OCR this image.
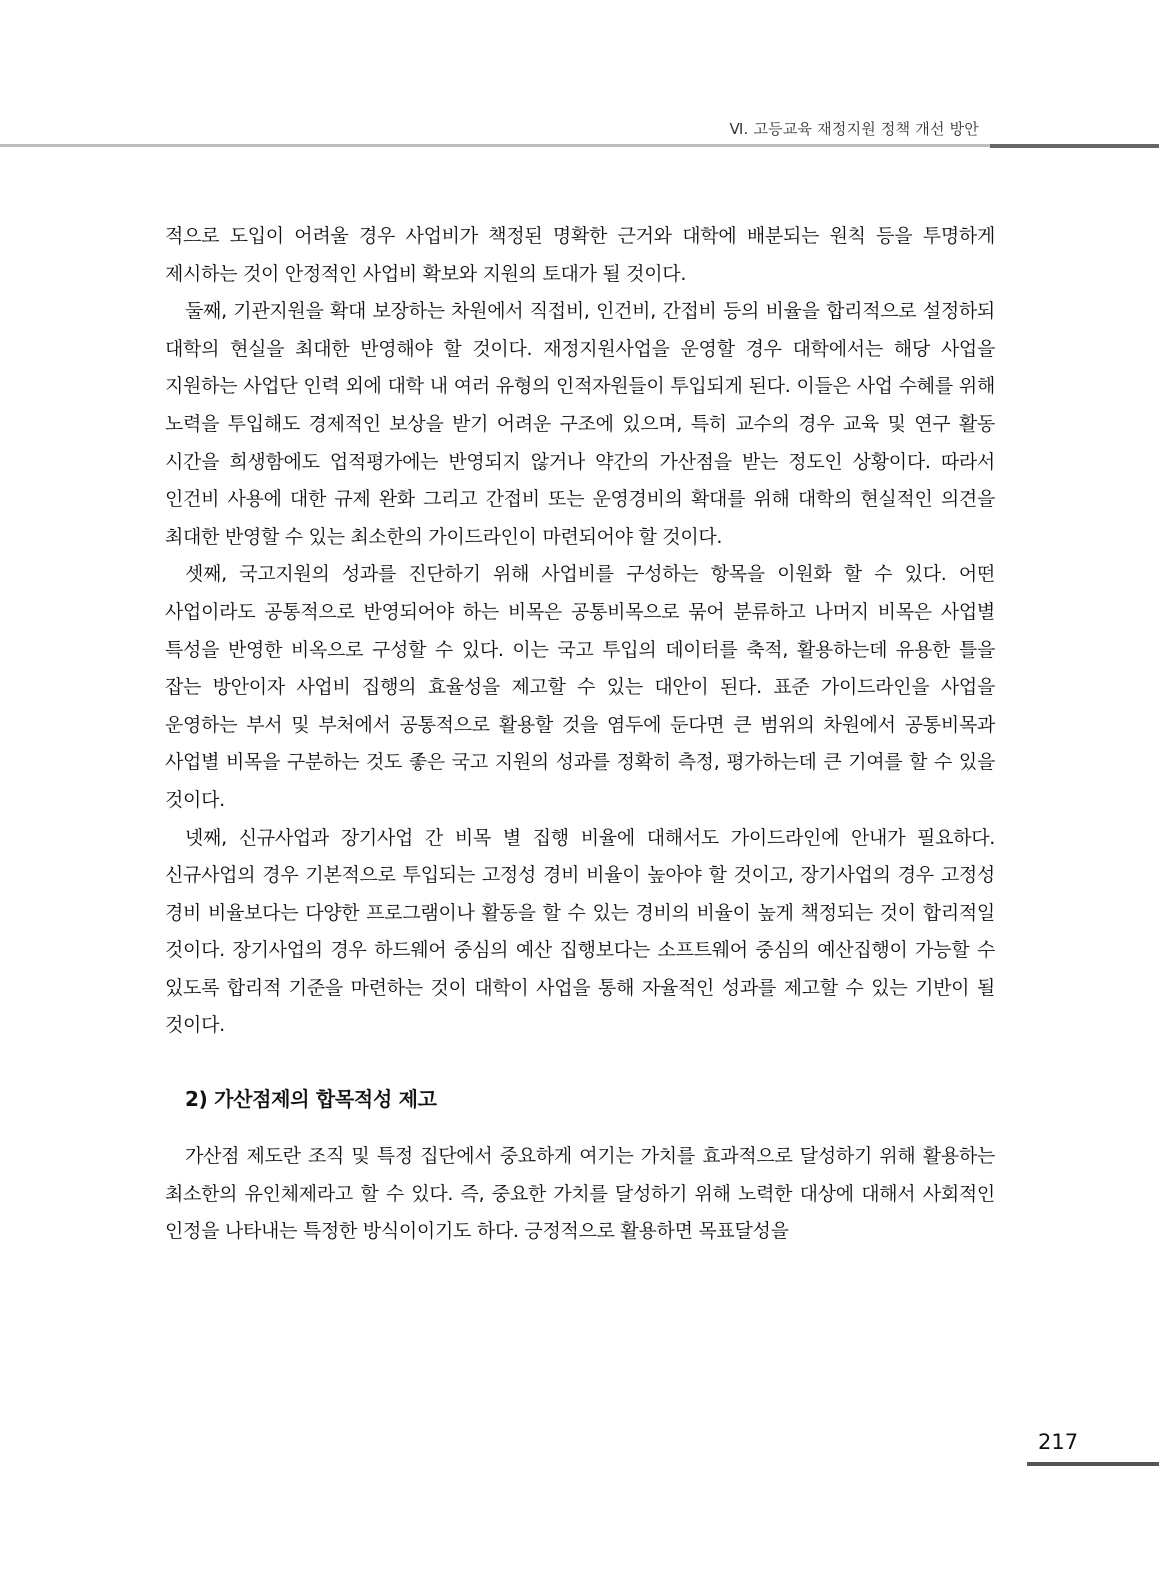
Ⅵ. 고등교육 재정지원 정책 개선 방안

적으로 도입이 어려울 경우 사업비가 책정된 명확한 근거와 대학에 배분되는 원칙 등을 투명하게 제시하는 것이 안정적인 사업비 확보와 지원의 토대가 될 것이다.

둘째, 기관지원을 확대 보장하는 차원에서 직접비, 인건비, 간접비 등의 비율을 합리적으로 설정하되 대학의 현실을 최대한 반영해야 할 것이다. 재정지원사업을 운영할 경우 대학에서는 해당 사업을 지원하는 사업단 인력 외에 대학 내 여러 유형의 인적자원들이 투입되게 된다. 이들은 사업 수혜를 위해 노력을 투입해도 경제적인 보상을 받기 어려운 구조에 있으며, 특히 교수의 경우 교육 및 연구 활동 시간을 희생함에도 업적평가에는 반영되지 않거나 약간의 가산점을 받는 정도인 상황이다. 따라서 인건비 사용에 대한 규제 완화 그리고 간접비 또는 운영경비의 확대를 위해 대학의 현실적인 의견을 최대한 반영할 수 있는 최소한의 가이드라인이 마련되어야 할 것이다.

셋째, 국고지원의 성과를 진단하기 위해 사업비를 구성하는 항목을 이원화 할 수 있다. 어떤 사업이라도 공통적으로 반영되어야 하는 비목은 공통비목으로 묶어 분류하고 나머지 비목은 사업별 특성을 반영한 비옥으로 구성할 수 있다. 이는 국고 투입의 데이터를 축적, 활용하는데 유용한 틀을 잡는 방안이자 사업비 집행의 효율성을 제고할 수 있는 대안이 된다. 표준 가이드라인을 사업을 운영하는 부서 및 부처에서 공통적으로 활용할 것을 염두에 둔다면 큰 범위의 차원에서 공통비목과 사업별 비목을 구분하는 것도 좋은 국고 지원의 성과를 정확히 측정, 평가하는데 큰 기여를 할 수 있을 것이다.

넷째, 신규사업과 장기사업 간 비목 별 집행 비율에 대해서도 가이드라인에 안내가 필요하다. 신규사업의 경우 기본적으로 투입되는 고정성 경비 비율이 높아야 할 것이고, 장기사업의 경우 고정성 경비 비율보다는 다양한 프로그램이나 활동을 할 수 있는 경비의 비율이 높게 책정되는 것이 합리적일 것이다. 장기사업의 경우 하드웨어 중심의 예산 집행보다는 소프트웨어 중심의 예산집행이 가능할 수 있도록 합리적 기준을 마련하는 것이 대학이 사업을 통해 자율적인 성과를 제고할 수 있는 기반이 될 것이다.

2) 가산점제의 합목적성 제고

가산점 제도란 조직 및 특정 집단에서 중요하게 여기는 가치를 효과적으로 달성하기 위해 활용하는 최소한의 유인체제라고 할 수 있다. 즉, 중요한 가치를 달성하기 위해 노력한 대상에 대해서 사회적인 인정을 나타내는 특정한 방식이이기도 하다. 긍정적으로 활용하면 목표달성을

217
